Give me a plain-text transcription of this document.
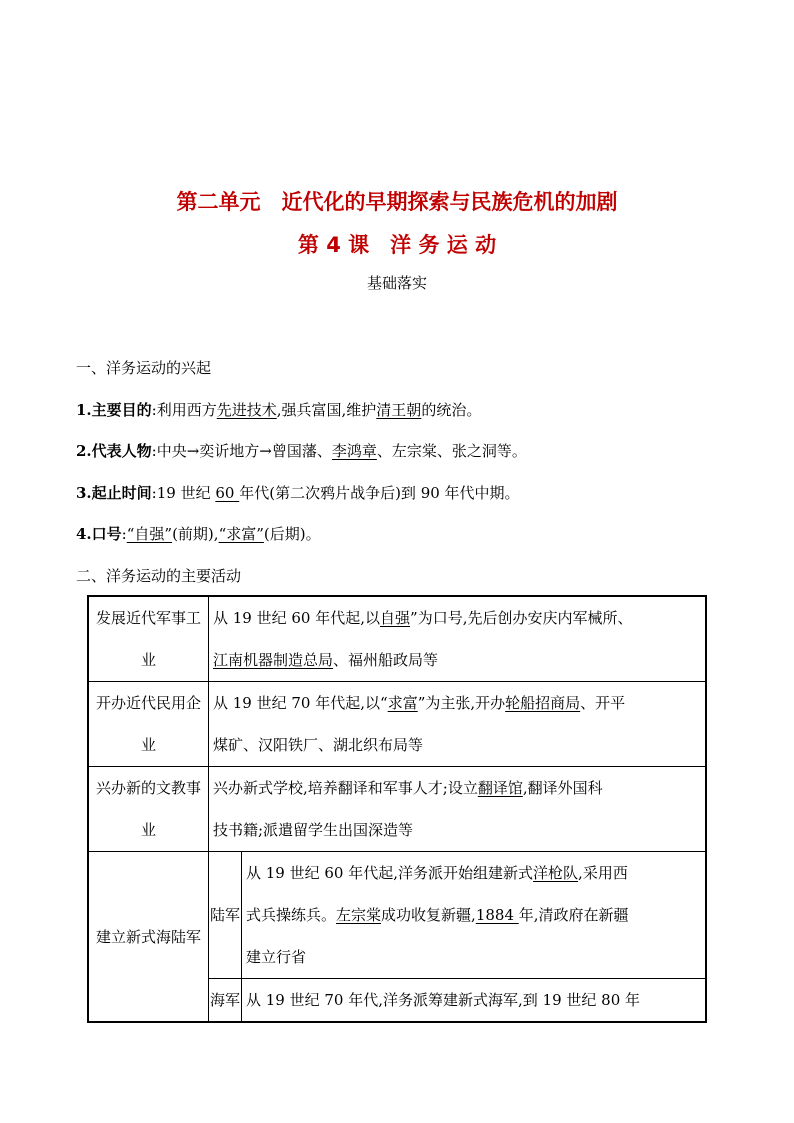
第二单元　近代化的早期探索与民族危机的加剧
第 4 课　洋 务 运 动
基础落实
一、洋务运动的兴起
1.主要目的:利用西方先进技术,强兵富国,维护清王朝的统治。
2.代表人物:中央→奕䜣地方→曾国藩、李鸿章、左宗棠、张之洞等。
3.起止时间:19 世纪 60 年代(第二次鸦片战争后)到 90 年代中期。
4.口号:“自强”(前期),“求富”(后期)。
二、洋务运动的主要活动
发展近代军事工业	从 19 世纪 60 年代起,以自强”为口号,先后创办安庆内军械所、
江南机器制造总局、福州船政局等	

开办近代民用企业	从 19 世纪 70 年代起,以“求富”为主张,开办轮船招商局、开平
煤矿、汉阳铁厂、湖北织布局等	

兴办新的文教事业	兴办新式学校,培养翻译和军事人才;设立翻译馆,翻译外国科
技书籍;派遣留学生出国深造等	

建立新式海陆军	陆军	从 19 世纪 60 年代起,洋务派开始组建新式洋枪队,采用西
式兵操练兵。左宗棠成功收复新疆,1884 年,清政府在新疆
建立行省

	海军	从 19 世纪 70 年代,洋务派筹建新式海军,到 19 世纪 80 年
